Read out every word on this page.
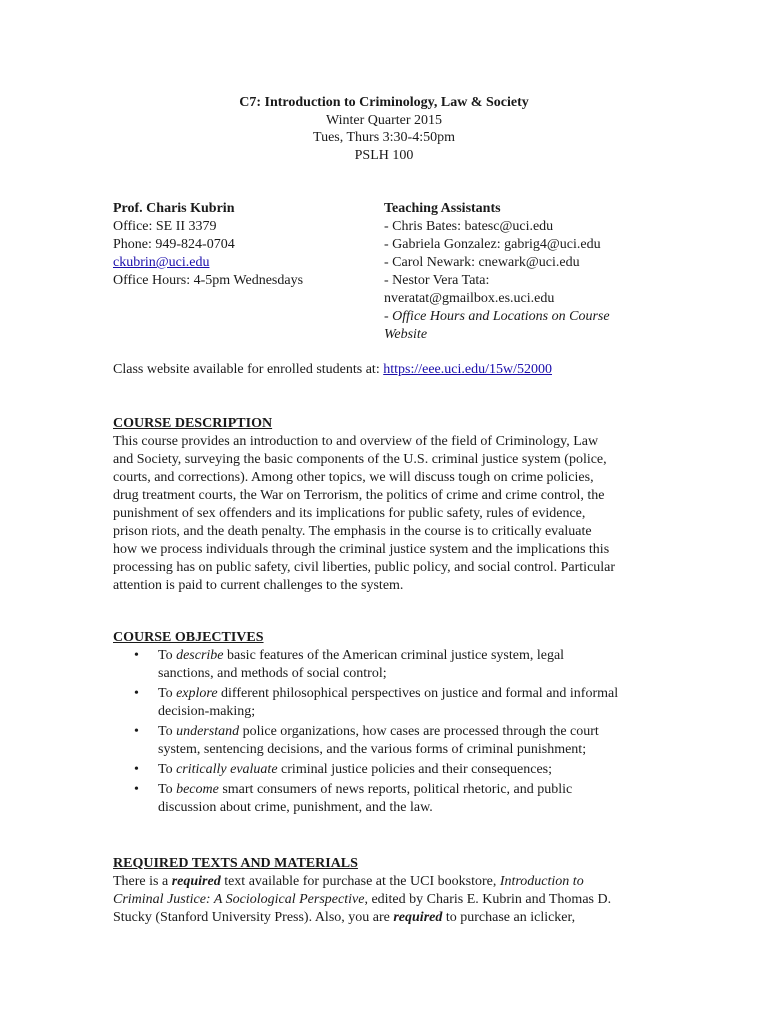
C7: Introduction to Criminology, Law & Society
Winter Quarter 2015
Tues, Thurs 3:30-4:50pm
PSLH 100
Prof. Charis Kubrin
Office: SE II 3379
Phone: 949-824-0704
ckubrin@uci.edu
Office Hours: 4-5pm Wednesdays
Teaching Assistants
- Chris Bates: batesc@uci.edu
- Gabriela Gonzalez: gabrig4@uci.edu
- Carol Newark: cnewark@uci.edu
- Nestor Vera Tata:
nveratat@gmailbox.es.uci.edu
- Office Hours and Locations on Course
Website
Class website available for enrolled students at: https://eee.uci.edu/15w/52000
COURSE DESCRIPTION
This course provides an introduction to and overview of the field of Criminology, Law
and Society, surveying the basic components of the U.S. criminal justice system (police,
courts, and corrections). Among other topics, we will discuss tough on crime policies,
drug treatment courts, the War on Terrorism, the politics of crime and crime control, the
punishment of sex offenders and its implications for public safety, rules of evidence,
prison riots, and the death penalty. The emphasis in the course is to critically evaluate
how we process individuals through the criminal justice system and the implications this
processing has on public safety, civil liberties, public policy, and social control. Particular
attention is paid to current challenges to the system.
COURSE OBJECTIVES
• To describe basic features of the American criminal justice system, legal
sanctions, and methods of social control;
• To explore different philosophical perspectives on justice and formal and informal
decision-making;
• To understand police organizations, how cases are processed through the court
system, sentencing decisions, and the various forms of criminal punishment;
• To critically evaluate criminal justice policies and their consequences;
• To become smart consumers of news reports, political rhetoric, and public
discussion about crime, punishment, and the law.
REQUIRED TEXTS AND MATERIALS
There is a required text available for purchase at the UCI bookstore, Introduction to
Criminal Justice: A Sociological Perspective, edited by Charis E. Kubrin and Thomas D.
Stucky (Stanford University Press). Also, you are required to purchase an iclicker,
